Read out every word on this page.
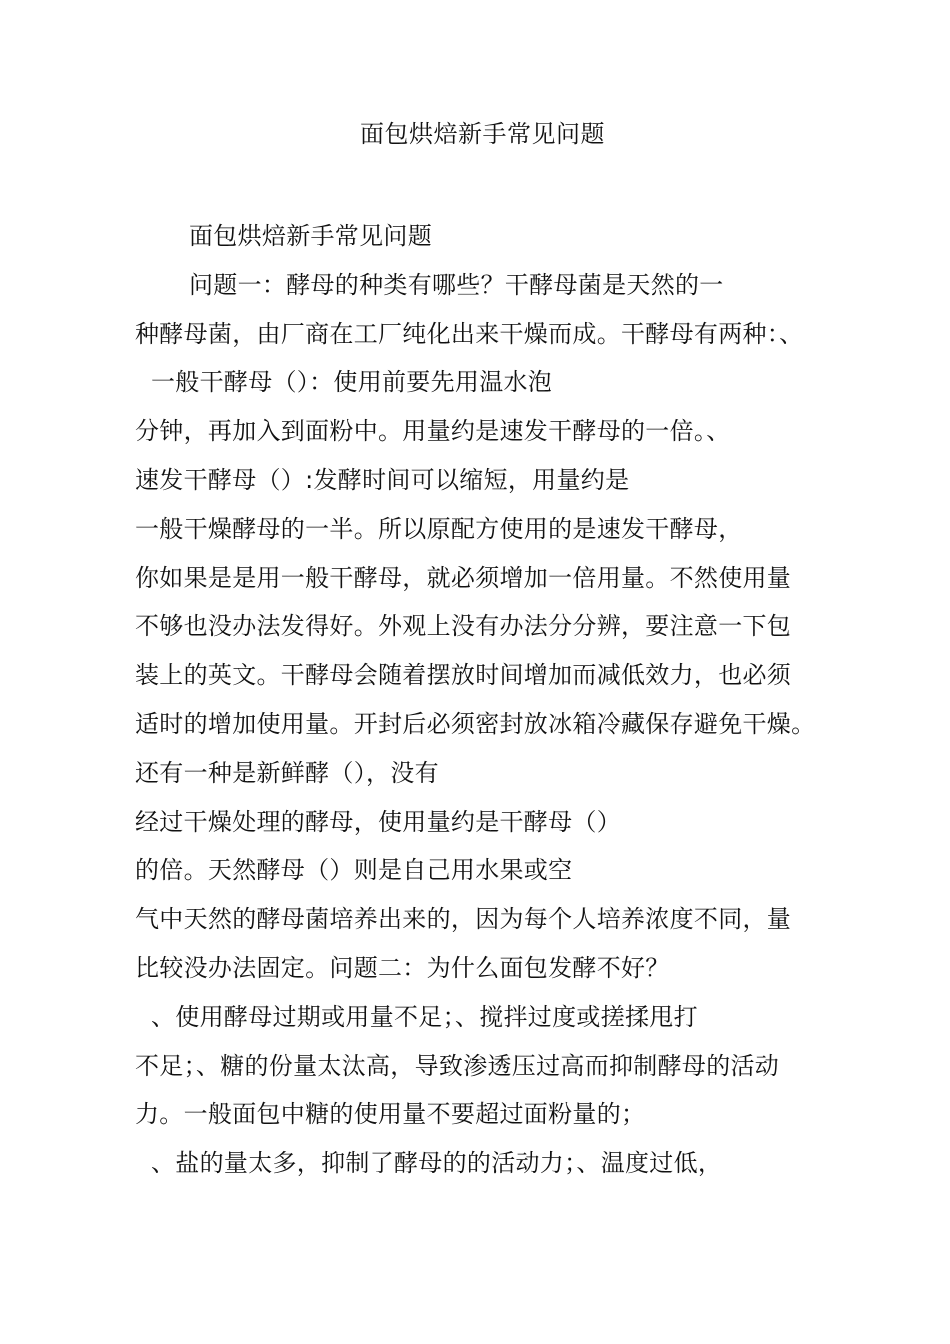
面包烘焙新手常见问题
面包烘焙新手常见问题
问题一：酵母的种类有哪些？干酵母菌是天然的一
种酵母菌，由厂商在工厂纯化出来干燥而成。干酵母有两种：、
一般干酵母（）：使用前要先用温水泡
分钟，再加入到面粉中。用量约是速发干酵母的一倍。、
速发干酵母（）:发酵时间可以缩短，用量约是
一般干燥酵母的一半。所以原配方使用的是速发干酵母，
你如果是是用一般干酵母，就必须增加一倍用量。不然使用量
不够也没办法发得好。外观上没有办法分分辨，要注意一下包
装上的英文。干酵母会随着摆放时间增加而减低效力，也必须
适时的增加使用量。开封后必须密封放冰箱冷藏保存避免干燥。
还有一种是新鲜酵（），没有
经过干燥处理的酵母，使用量约是干酵母（）
的倍。天然酵母（）则是自己用水果或空
气中天然的酵母菌培养出来的，因为每个人培养浓度不同，量
比较没办法固定。问题二：为什么面包发酵不好？
、使用酵母过期或用量不足；、搅拌过度或搓揉甩打
不足；、糖的份量太汰高，导致渗透压过高而抑制酵母的活动
力。一般面包中糖的使用量不要超过面粉量的；
、盐的量太多，抑制了酵母的的活动力；、温度过低，
